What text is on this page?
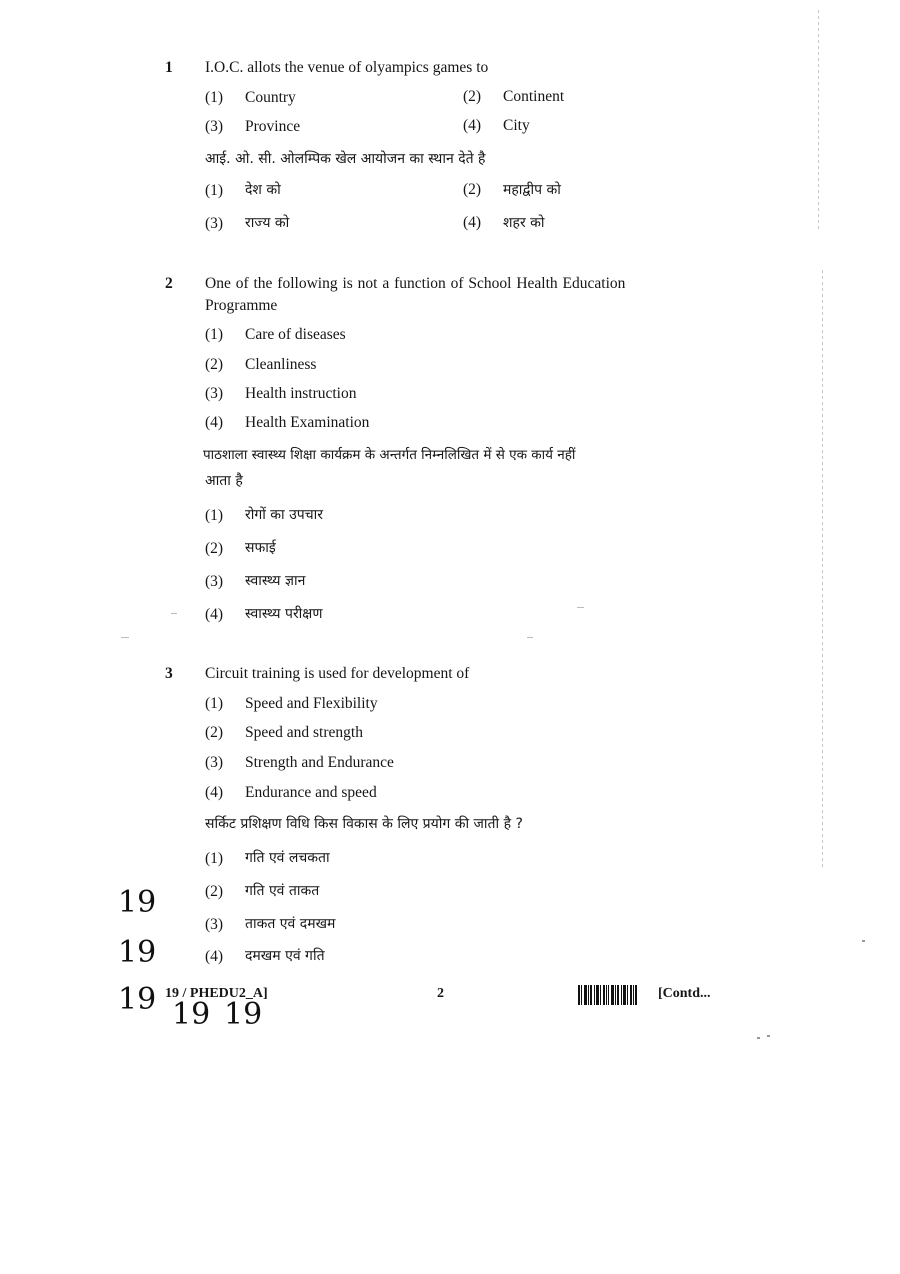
1 I.O.C. allots the venue of olyampics games to
(1) Country	(2) Continent
(3) Province	(4) City
आई. ओ. सी. ओलम्पिक खेल आयोजन का स्थान देते है
(1) देश को	(2) महाद्वीप को
(3) राज्य को	(4) शहर को
2 One of the following is not a function of School Health Education
Programme
(1) Care of diseases
(2) Cleanliness
(3) Health instruction
(4) Health Examination
पाठशाला स्वास्थ्य शिक्षा कार्यक्रम के अन्तर्गत निम्नलिखित में से एक कार्य नहीं
आता है
(1) रोगों का उपचार
(2) सफाई
(3) स्वास्थ्य ज्ञान
(4) स्वास्थ्य परीक्षण
3 Circuit training is used for development of
(1) Speed and Flexibility
(2) Speed and strength
(3) Strength and Endurance
(4) Endurance and speed
सर्किट प्रशिक्षण विधि किस विकास के लिए प्रयोग की जाती है ?
(1) गति एवं लचकता
(2) गति एवं ताकत
(3) ताकत एवं दमखम
(4) दमखम एवं गति
19
19
19 19 19
19 / PHEDU2_A]	2	[Contd...
